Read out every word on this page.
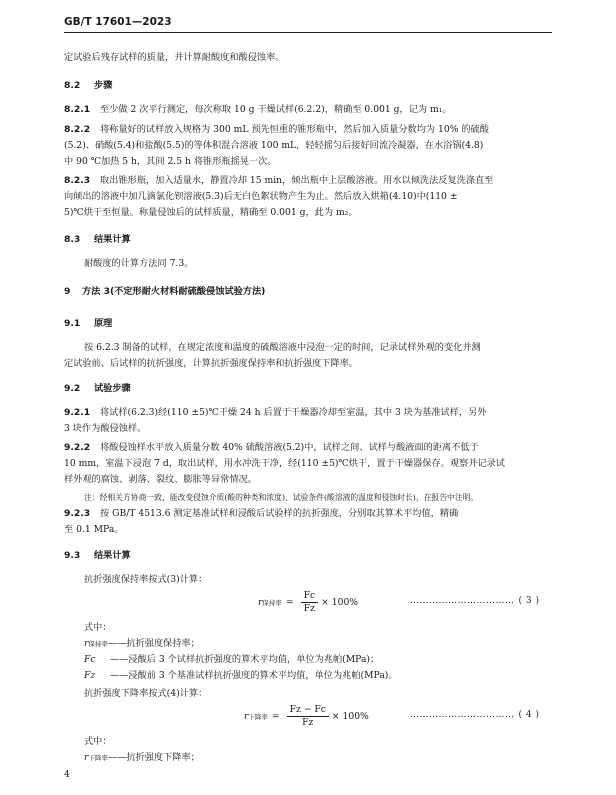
GB/T 17601—2023
定试验后残存试样的质量，并计算耐酸度和酸侵蚀率。
8.2 步骤
8.2.1 至少做 2 次平行测定，每次称取 10 g 干燥试样(6.2.2)，精确至 0.001 g，记为 m₁。
8.2.2 将称量好的试样放入规格为 300 mL 预先恒重的锥形瓶中，然后加入质量分数均为 10% 的硫酸
(5.2)、硝酸(5.4)和盐酸(5.5)的等体积混合溶液 100 mL，轻轻摇匀后接好回流冷凝器，在水浴锅(4.8)
中 90 ℃加热 5 h，其间 2.5 h 将锥形瓶摇晃一次。
8.2.3 取出锥形瓶，加入适量水，静置冷却 15 min，倾出瓶中上层酸溶液。用水以倾洗法反复洗涤直至
向倾出的溶液中加几滴氯化钡溶液(5.3)后无白色絮状物产生为止。然后放入烘箱(4.10)中(110 ±
5)℃烘干至恒量。称量侵蚀后的试样质量，精确至 0.001 g，此为 m₂。
8.3 结果计算
耐酸度的计算方法同 7.3。
9 方法 3(不定形耐火材料耐硫酸侵蚀试验方法)
9.1 原理
按 6.2.3 制备的试样，在规定浓度和温度的硫酸溶液中浸泡一定的时间，记录试样外观的变化并测
定试验前、后试样的抗折强度，计算抗折强度保持率和抗折强度下降率。
9.2 试验步骤
9.2.1 将试样(6.2.3)经(110 ±5)℃干燥 24 h 后置于干燥器冷却至室温，其中 3 块为基准试样，另外
3 块作为酸侵蚀样。
9.2.2 将酸侵蚀样水平放入质量分数 40% 硫酸溶液(5.2)中，试样之间、试样与酸液面的距离不低于
10 mm，室温下浸泡 7 d，取出试样，用水冲洗干净，经(110 ±5)℃烘干，置于干燥器保存。观察并记录试
样外观的腐蚀、剥落、裂纹、膨胀等异常情况。
注：经相关方协商一致，能改变侵蚀介质(酸的种类和浓度)、试验条件(酸溶液的温度和侵蚀时长)，在报告中注明。
9.2.3 按 GB/T 4513.6 测定基准试样和浸酸后试验样的抗折强度，分别取其算术平均值，精确
至 0.1 MPa。
9.3 结果计算
抗折强度保持率按式(3)计算：
r保持率 = $\frac{Fc}{Fz} \times 100\%$	…………………………… ( 3 )
式中：
r保持率——抗折强度保持率；
Fc ——浸酸后 3 个试样抗折强度的算术平均值，单位为兆帕(MPa)；
Fz ——浸酸前 3 个基准试样抗折强度的算术平均值，单位为兆帕(MPa)。
抗折强度下降率按式(4)计算：
r下降率 = $\frac{Fz - Fc}{Fz} \times 100\%$	…………………………… ( 4 )
式中：
r下降率——抗折强度下降率；
4
